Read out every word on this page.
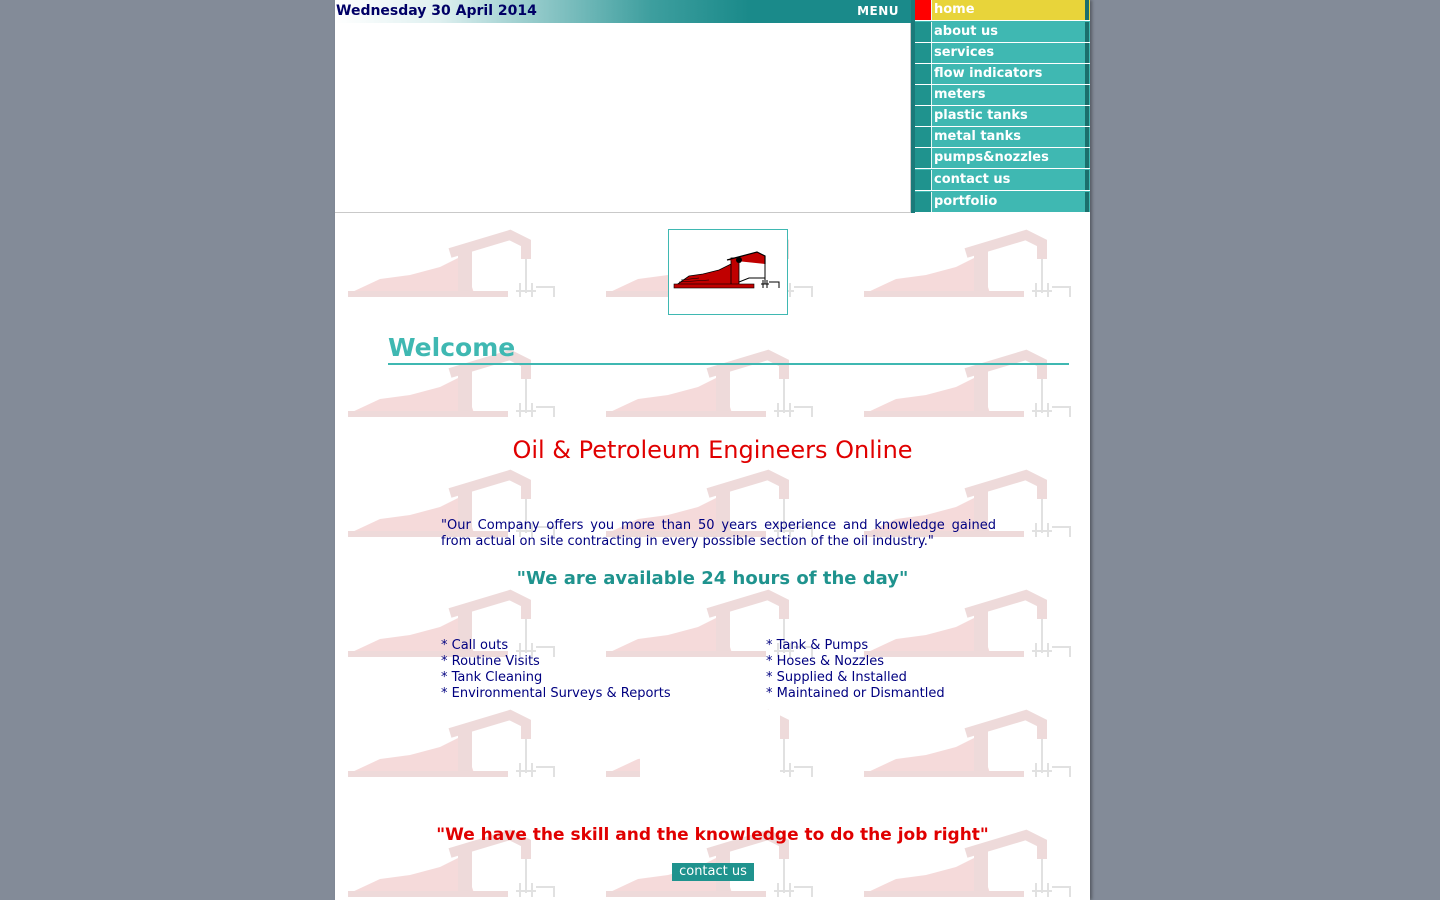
Wednesday 30 April 2014	MENU	home
about us
services
flow indicators
meters
plastic tanks
metal tanks
pumps&nozzles
contact us
portfolio
Welcome
Oil & Petroleum Engineers Online
"Our Company offers you more than 50 years experience and knowledge gained from actual on site contracting in every possible section of the oil industry."
"We are available 24 hours of the day"
* Call outs
* Routine Visits
* Tank Cleaning
* Environmental Surveys & Reports
* Tank & Pumps
* Hoses & Nozzles
* Supplied & Installed
* Maintained or Dismantled
"We have the skill and the knowledge to do the job right"
contact us
